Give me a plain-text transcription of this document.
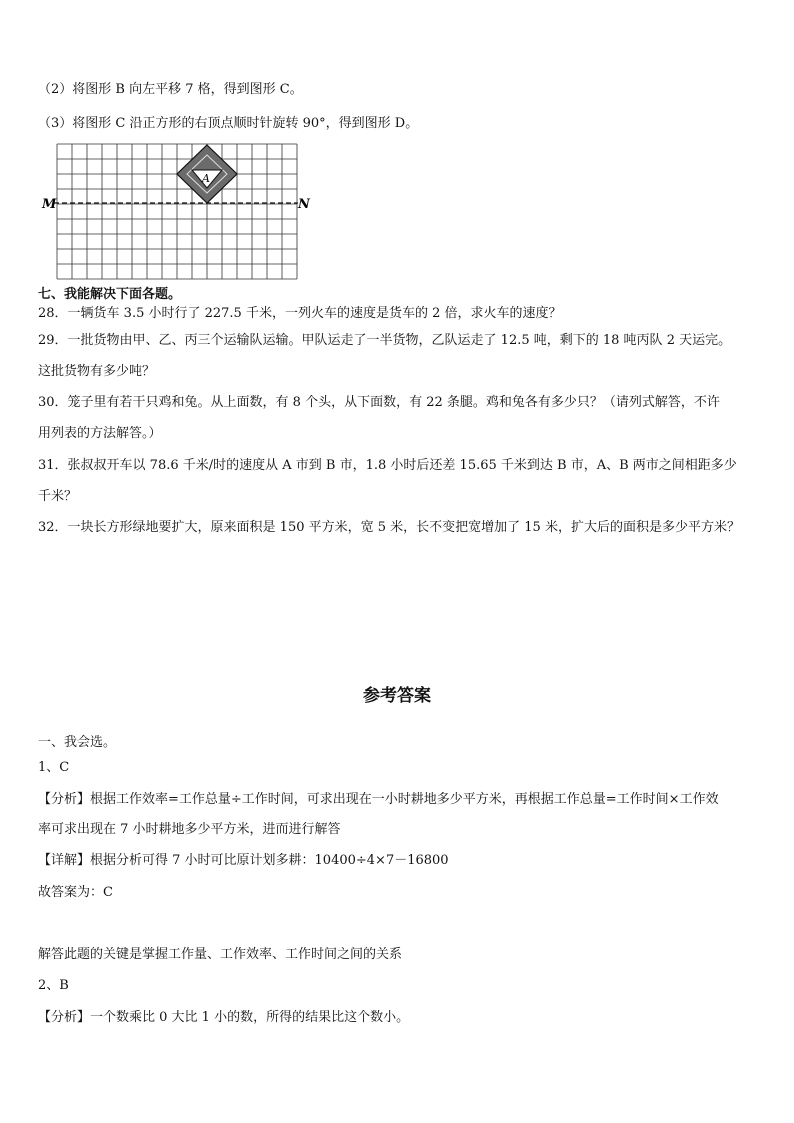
（2）将图形 B 向左平移 7 格，得到图形 C。
（3）将图形 C 沿正方形的右顶点顺时针旋转 90°，得到图形 D。
A
M	N
七、我能解决下面各题。
28．一辆货车 3.5 小时行了 227.5 千米，一列火车的速度是货车的 2 倍，求火车的速度？
29．一批货物由甲、乙、丙三个运输队运输。甲队运走了一半货物，乙队运走了 12.5 吨，剩下的 18 吨丙队 2 天运完。
这批货物有多少吨？
30．笼子里有若干只鸡和兔。从上面数，有 8 个头，从下面数，有 22 条腿。鸡和兔各有多少只？（请列式解答，不许
用列表的方法解答。）
31．张叔叔开车以 78.6 千米/时的速度从 A 市到 B 市，1.8 小时后还差 15.65 千米到达 B 市，A、B 两市之间相距多少
千米？
32．一块长方形绿地要扩大，原来面积是 150 平方米，宽 5 米，长不变把宽增加了 15 米，扩大后的面积是多少平方米？
参考答案
一、我会选。
1、C
【分析】根据工作效率=工作总量÷工作时间，可求出现在一小时耕地多少平方米，再根据工作总量=工作时间×工作效
率可求出现在 7 小时耕地多少平方米，进而进行解答
【详解】根据分析可得 7 小时可比原计划多耕：10400÷4×7－16800
故答案为：C
解答此题的关键是掌握工作量、工作效率、工作时间之间的关系
2、B
【分析】一个数乘比 0 大比 1 小的数，所得的结果比这个数小。
